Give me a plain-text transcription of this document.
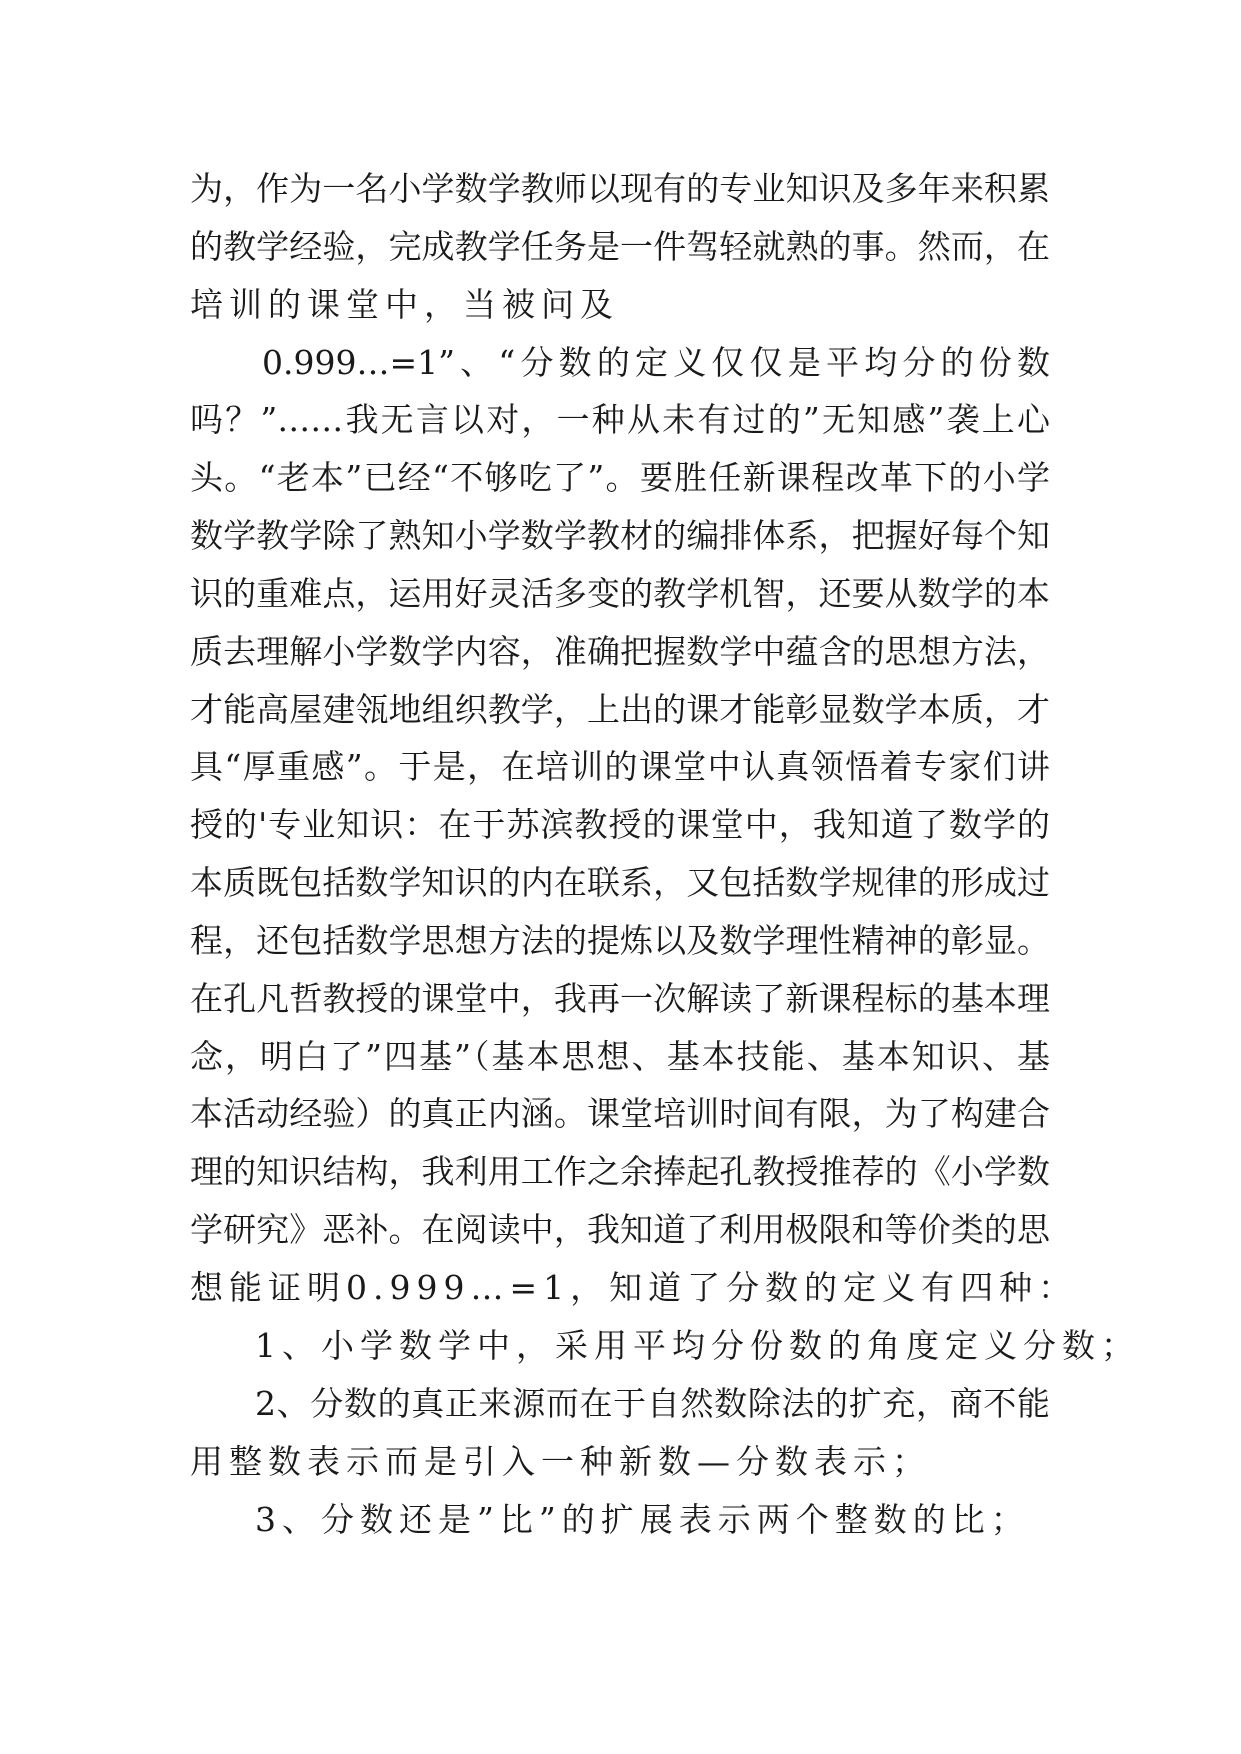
为，作为一名小学数学教师以现有的专业知识及多年来积累
的教学经验，完成教学任务是一件驾轻就熟的事。然而，在
培训的课堂中，当被问及
0.999…=1”、“分数的定义仅仅是平均分的份数
吗？”……我无言以对，一种从未有过的”无知感”袭上心
头。“老本”已经“不够吃了”。要胜任新课程改革下的小学
数学教学除了熟知小学数学教材的编排体系，把握好每个知
识的重难点，运用好灵活多变的教学机智，还要从数学的本
质去理解小学数学内容，准确把握数学中蕴含的思想方法，
才能高屋建瓴地组织教学，上出的课才能彰显数学本质，才
具“厚重感”。于是，在培训的课堂中认真领悟着专家们讲
授的'专业知识：在于苏滨教授的课堂中，我知道了数学的
本质既包括数学知识的内在联系，又包括数学规律的形成过
程，还包括数学思想方法的提炼以及数学理性精神的彰显。
在孔凡哲教授的课堂中，我再一次解读了新课程标的基本理
念，明白了”四基”（基本思想、基本技能、基本知识、基
本活动经验）的真正内涵。课堂培训时间有限，为了构建合
理的知识结构，我利用工作之余捧起孔教授推荐的《小学数
学研究》恶补。在阅读中，我知道了利用极限和等价类的思
想能证明0.999…=1，知道了分数的定义有四种：
1、小学数学中，采用平均分份数的角度定义分数；
2、分数的真正来源而在于自然数除法的扩充，商不能
用整数表示而是引入一种新数—分数表示；
3、分数还是”比”的扩展表示两个整数的比；
